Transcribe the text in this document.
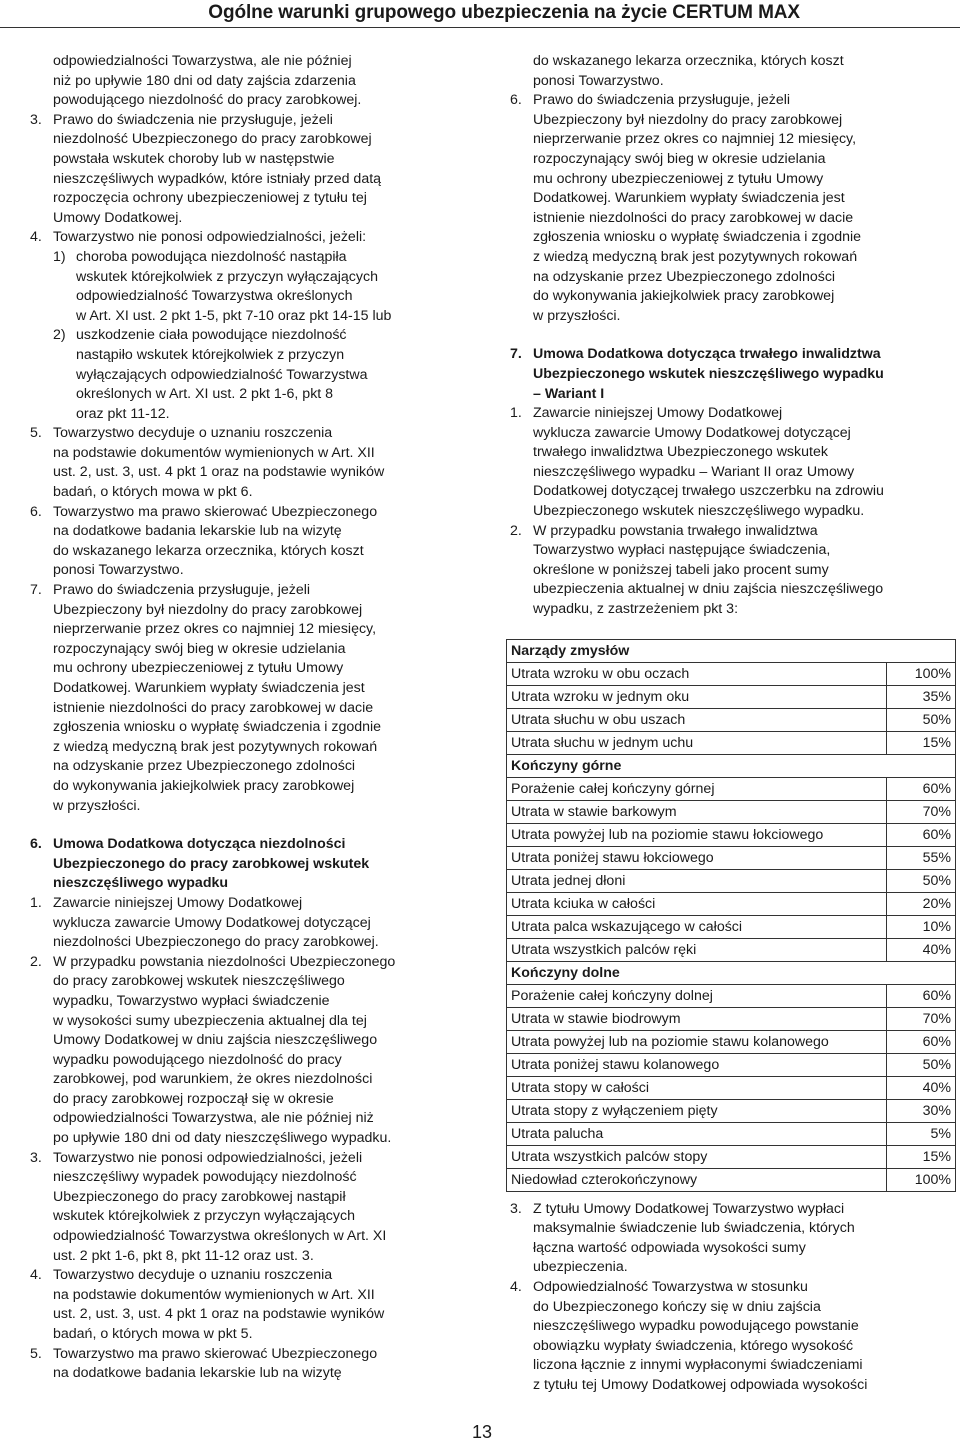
Ogólne warunki grupowego ubezpieczenia na życie CERTUM MAX
odpowiedzialności Towarzystwa, ale nie później
niż po upływie 180 dni od daty zajścia zdarzenia
powodującego niezdolność do pracy zarobkowej.
3. Prawo do świadczenia nie przysługuje, jeżeli
niezdolność Ubezpieczonego do pracy zarobkowej
powstała wskutek choroby lub w następstwie
nieszczęśliwych wypadków, które istniały przed datą
rozpoczęcia ochrony ubezpieczeniowej z tytułu tej
Umowy Dodatkowej.
4. Towarzystwo nie ponosi odpowiedzialności, jeżeli:
1) choroba powodująca niezdolność nastąpiła
wskutek którejkolwiek z przyczyn wyłączających
odpowiedzialność Towarzystwa określonych
w Art. XI ust. 2 pkt 1-5, pkt 7-10 oraz pkt 14-15 lub
2) uszkodzenie ciała powodujące niezdolność
nastąpiło wskutek którejkolwiek z przyczyn
wyłączających odpowiedzialność Towarzystwa
określonych w Art. XI ust. 2 pkt 1-6, pkt 8
oraz pkt 11-12.
5. Towarzystwo decyduje o uznaniu roszczenia
na podstawie dokumentów wymienionych w Art. XII
ust. 2, ust. 3, ust. 4 pkt 1 oraz na podstawie wyników
badań, o których mowa w pkt 6.
6. Towarzystwo ma prawo skierować Ubezpieczonego
na dodatkowe badania lekarskie lub na wizytę
do wskazanego lekarza orzecznika, których koszt
ponosi Towarzystwo.
7. Prawo do świadczenia przysługuje, jeżeli
Ubezpieczony był niezdolny do pracy zarobkowej
nieprzerwanie przez okres co najmniej 12 miesięcy,
rozpoczynający swój bieg w okresie udzielania
mu ochrony ubezpieczeniowej z tytułu Umowy
Dodatkowej. Warunkiem wypłaty świadczenia jest
istnienie niezdolności do pracy zarobkowej w dacie
zgłoszenia wniosku o wypłatę świadczenia i zgodnie
z wiedzą medyczną brak jest pozytywnych rokowań
na odzyskanie przez Ubezpieczonego zdolności
do wykonywania jakiejkolwiek pracy zarobkowej
w przyszłości.
6. Umowa Dodatkowa dotycząca niezdolności
Ubezpieczonego do pracy zarobkowej wskutek
nieszczęśliwego wypadku
1. Zawarcie niniejszej Umowy Dodatkowej
wyklucza zawarcie Umowy Dodatkowej dotyczącej
niezdolności Ubezpieczonego do pracy zarobkowej.
2. W przypadku powstania niezdolności Ubezpieczonego
do pracy zarobkowej wskutek nieszczęśliwego
wypadku, Towarzystwo wypłaci świadczenie
w wysokości sumy ubezpieczenia aktualnej dla tej
Umowy Dodatkowej w dniu zajścia nieszczęśliwego
wypadku powodującego niezdolność do pracy
zarobkowej, pod warunkiem, że okres niezdolności
do pracy zarobkowej rozpoczął się w okresie
odpowiedzialności Towarzystwa, ale nie później niż
po upływie 180 dni od daty nieszczęśliwego wypadku.
3. Towarzystwo nie ponosi odpowiedzialności, jeżeli
nieszczęśliwy wypadek powodujący niezdolność
Ubezpieczonego do pracy zarobkowej nastąpił
wskutek którejkolwiek z przyczyn wyłączających
odpowiedzialność Towarzystwa określonych w Art. XI
ust. 2 pkt 1-6, pkt 8, pkt 11-12 oraz ust. 3.
4. Towarzystwo decyduje o uznaniu roszczenia
na podstawie dokumentów wymienionych w Art. XII
ust. 2, ust. 3, ust. 4 pkt 1 oraz na podstawie wyników
badań, o których mowa w pkt 5.
5. Towarzystwo ma prawo skierować Ubezpieczonego
na dodatkowe badania lekarskie lub na wizytę
do wskazanego lekarza orzecznika, których koszt
ponosi Towarzystwo.
6. Prawo do świadczenia przysługuje, jeżeli
Ubezpieczony był niezdolny do pracy zarobkowej
nieprzerwanie przez okres co najmniej 12 miesięcy,
rozpoczynający swój bieg w okresie udzielania
mu ochrony ubezpieczeniowej z tytułu Umowy
Dodatkowej. Warunkiem wypłaty świadczenia jest
istnienie niezdolności do pracy zarobkowej w dacie
zgłoszenia wniosku o wypłatę świadczenia i zgodnie
z wiedzą medyczną brak jest pozytywnych rokowań
na odzyskanie przez Ubezpieczonego zdolności
do wykonywania jakiejkolwiek pracy zarobkowej
w przyszłości.
7. Umowa Dodatkowa dotycząca trwałego inwalidztwa
Ubezpieczonego wskutek nieszczęśliwego wypadku
– Wariant I
1. Zawarcie niniejszej Umowy Dodatkowej
wyklucza zawarcie Umowy Dodatkowej dotyczącej
trwałego inwalidztwa Ubezpieczonego wskutek
nieszczęśliwego wypadku – Wariant II oraz Umowy
Dodatkowej dotyczącej trwałego uszczerbku na zdrowiu
Ubezpieczonego wskutek nieszczęśliwego wypadku.
2. W przypadku powstania trwałego inwalidztwa
Towarzystwo wypłaci następujące świadczenia,
określone w poniższej tabeli jako procent sumy
ubezpieczenia aktualnej w dniu zajścia nieszczęśliwego
wypadku, z zastrzeżeniem pkt 3:
Narządy zmysłów	
Utrata wzroku w obu oczach	100%
Utrata wzroku w jednym oku	35%
Utrata słuchu w obu uszach	50%
Utrata słuchu w jednym uchu	15%
Kończyny górne	
Porażenie całej kończyny górnej	60%
Utrata w stawie barkowym	70%
Utrata powyżej lub na poziomie stawu łokciowego	60%
Utrata poniżej stawu łokciowego	55%
Utrata jednej dłoni	50%
Utrata kciuka w całości	20%
Utrata palca wskazującego w całości	10%
Utrata wszystkich palców ręki	40%
Kończyny dolne	
Porażenie całej kończyny dolnej	60%
Utrata w stawie biodrowym	70%
Utrata powyżej lub na poziomie stawu kolanowego	60%
Utrata poniżej stawu kolanowego	50%
Utrata stopy w całości	40%
Utrata stopy z wyłączeniem pięty	30%
Utrata palucha	5%
Utrata wszystkich palców stopy	15%
Niedowład czterokończynowy	100%
3. Z tytułu Umowy Dodatkowej Towarzystwo wypłaci
maksymalnie świadczenie lub świadczenia, których
łączna wartość odpowiada wysokości sumy
ubezpieczenia.
4. Odpowiedzialność Towarzystwa w stosunku
do Ubezpieczonego kończy się w dniu zajścia
nieszczęśliwego wypadku powodującego powstanie
obowiązku wypłaty świadczenia, którego wysokość
liczona łącznie z innymi wypłaconymi świadczeniami
z tytułu tej Umowy Dodatkowej odpowiada wysokości
13
